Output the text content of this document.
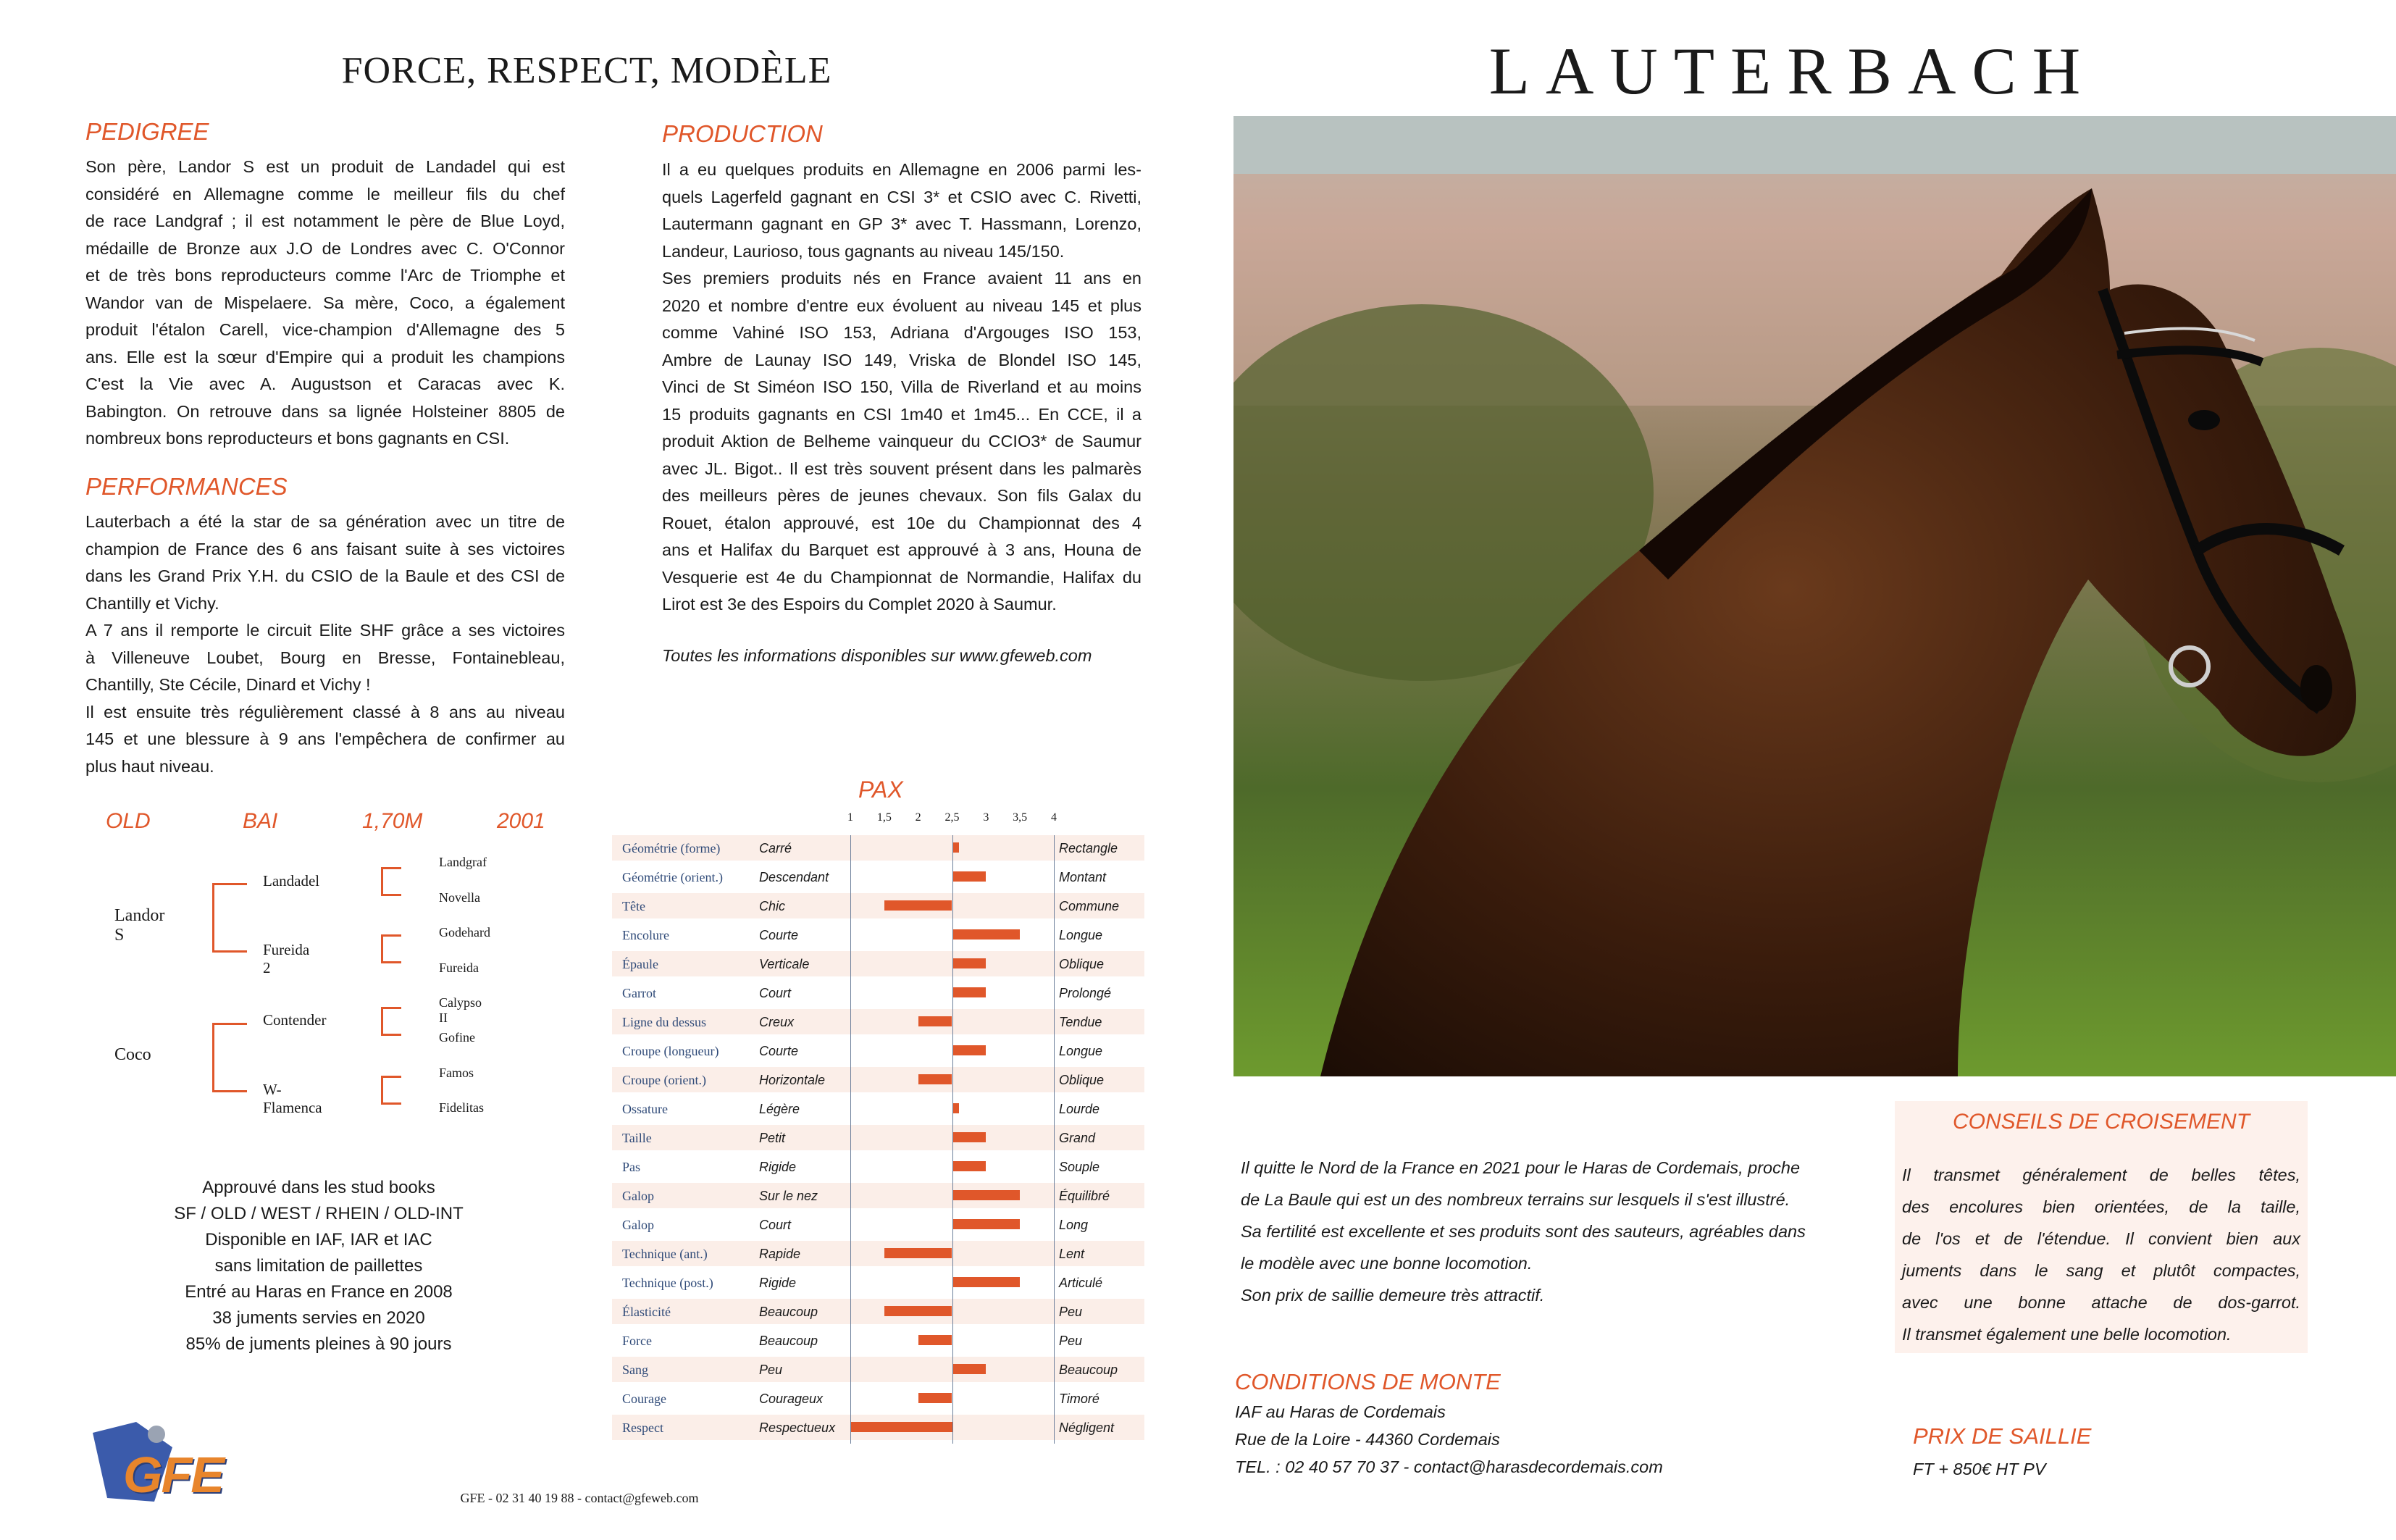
FORCE, RESPECT, MODÈLE	LAUTERBACH
PEDIGREE
Son père, Landor S est un produit de Landadel qui est
considéré en Allemagne comme le meilleur fils du chef
de race Landgraf ; il est notamment le père de Blue Loyd,
médaille de Bronze aux J.O de Londres avec C. O'Connor
et de très bons reproducteurs comme l'Arc de Triomphe et
Wandor van de Mispelaere. Sa mère, Coco, a également
produit l'étalon Carell, vice-champion d'Allemagne des 5
ans. Elle est la sœur d'Empire qui a produit les champions
C'est la Vie avec A. Augustson et Caracas avec K.
Babington. On retrouve dans sa lignée Holsteiner 8805 de
nombreux bons reproducteurs et bons gagnants en CSI.
PERFORMANCES
Lauterbach a été la star de sa génération avec un titre de
champion de France des 6 ans faisant suite à ses victoires
dans les Grand Prix Y.H. du CSIO de la Baule et des CSI de
Chantilly et Vichy.
A 7 ans il remporte le circuit Elite SHF grâce a ses victoires
à Villeneuve Loubet, Bourg en Bresse, Fontainebleau,
Chantilly, Ste Cécile, Dinard et Vichy !
Il est ensuite très régulièrement classé à 8 ans au niveau
145 et une blessure à 9 ans l'empêchera de confirmer au
plus haut niveau.
PRODUCTION
Il a eu quelques produits en Allemagne en 2006 parmi les-
quels Lagerfeld gagnant en CSI 3* et CSIO avec C. Rivetti,
Lautermann gagnant en GP 3* avec T. Hassmann, Lorenzo,
Landeur, Laurioso, tous gagnants au niveau 145/150.
Ses premiers produits nés en France avaient 11 ans en
2020 et nombre d'entre eux évoluent au niveau 145 et plus
comme Vahiné ISO 153, Adriana d'Argouges ISO 153,
Ambre de Launay ISO 149, Vriska de Blondel ISO 145,
Vinci de St Siméon ISO 150, Villa de Riverland et au moins
15 produits gagnants en CSI 1m40 et 1m45... En CCE, il a
produit Aktion de Belheme vainqueur du CCIO3* de Saumur
avec JL. Bigot.. Il est très souvent présent dans les palmarès
des meilleurs pères de jeunes chevaux. Son fils Galax du
Rouet, étalon approuvé, est 10e du Championnat des 4
ans et Halifax du Barquet est approuvé à 3 ans, Houna de
Vesquerie est 4e du Championnat de Normandie, Halifax du
Lirot est 3e des Espoirs du Complet 2020 à Saumur.
Toutes les informations disponibles sur www.gfeweb.com
OLD	BAI	1,70M	2001
Landor S
Coco
Landadel
Fureida 2
Contender
W-Flamenca
Landgraf
Novella
Godehard
Fureida
Calypso II
Gofine
Famos
Fidelitas
Approuvé dans les stud books
SF / OLD / WEST / RHEIN / OLD-INT
Disponible en IAF, IAR et IAC
sans limitation de paillettes
Entré au Haras en France en 2008
38 juments servies en 2020
85% de juments pleines à 90 jours
PAX
1	1,5	2	2,5	3	3,5	4
Géométrie (forme)	Carré	Rectangle
Géométrie (orient.)	Descendant	Montant
Tête	Chic	Commune
Encolure	Courte	Longue
Épaule	Verticale	Oblique
Garrot	Court	Prolongé
Ligne du dessus	Creux	Tendue
Croupe (longueur)	Courte	Longue
Croupe (orient.)	Horizontale	Oblique
Ossature	Légère	Lourde
Taille	Petit	Grand
Pas	Rigide	Souple
Galop	Sur le nez	Équilibré
Galop	Court	Long
Technique (ant.)	Rapide	Lent
Technique (post.)	Rigide	Articulé
Élasticité	Beaucoup	Peu
Force	Beaucoup	Peu
Sang	Peu	Beaucoup
Courage	Courageux	Timoré
Respect	Respectueux	Négligent
Il quitte le Nord de la France en 2021 pour le Haras de Cordemais, proche
de La Baule qui est un des nombreux terrains sur lesquels il s'est illustré.
Sa fertilité est excellente et ses produits sont des sauteurs, agréables dans
le modèle avec une bonne locomotion.
Son prix de saillie demeure très attractif.
CONSEILS DE CROISEMENT
Il transmet généralement de belles têtes,
des encolures bien orientées, de la taille,
de l'os et de l'étendue. Il convient bien aux
juments dans le sang et plutôt compactes,
avec une bonne attache de dos-garrot.
Il transmet également une belle locomotion.
CONDITIONS DE MONTE
IAF au Haras de Cordemais
Rue de la Loire - 44360 Cordemais
TEL. : 02 40 57 70 37 - contact@harasdecordemais.com
PRIX DE SAILLIE
FT + 850€ HT PV
GFE	GFE - 02 31 40 19 88 - contact@gfeweb.com
